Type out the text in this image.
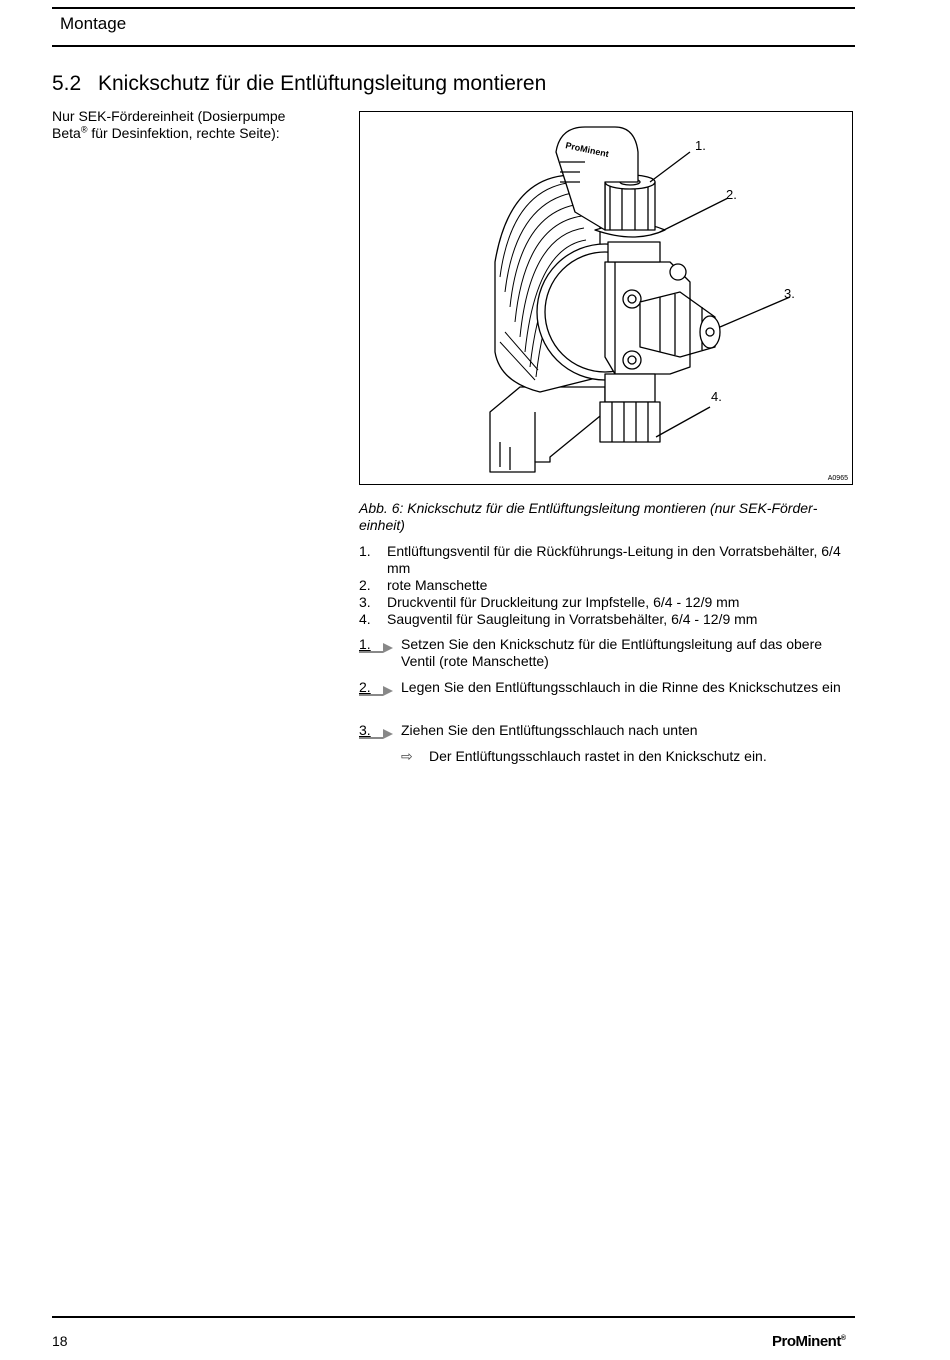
Montage
5.2 Knickschutz für die Entlüftungsleitung montieren
Nur SEK-Fördereinheit (Dosierpumpe
Beta® für Desinfektion, rechte Seite):
ProMinent	1.
2.
3.
4.
A0965
Abb. 6: Knickschutz für die Entlüftungsleitung montieren (nur SEK-Fördereinheit)
1. Entlüftungsventil für die Rückführungs-Leitung in den Vorratsbehälter, 6/4 mm
2. rote Manschette
3. Druckventil für Druckleitung zur Impfstelle, 6/4 - 12/9 mm
4. Saugventil für Saugleitung in Vorratsbehälter, 6/4 - 12/9 mm
1.	Setzen Sie den Knickschutz für die Entlüftungsleitung auf das obere Ventil (rote Manschette)
2.	Legen Sie den Entlüftungsschlauch in die Rinne des Knickschutzes ein
3.	Ziehen Sie den Entlüftungsschlauch nach unten
⇨	Der Entlüftungsschlauch rastet in den Knickschutz ein.
18	ProMinent®
